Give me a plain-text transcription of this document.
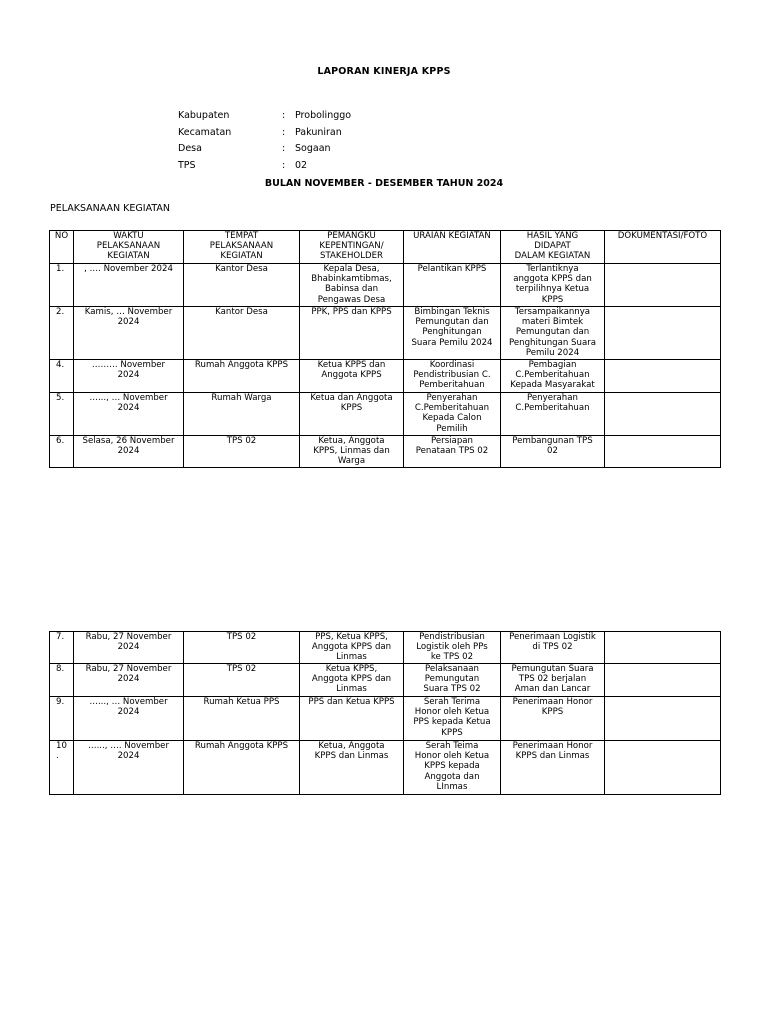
LAPORAN KINERJA KPPS
Kabupaten	: Probolinggo
Kecamatan	: Pakuniran
Desa	: Sogaan
TPS	: 02
BULAN NOVEMBER - DESEMBER TAHUN 2024
PELAKSANAAN KEGIATAN
NO	WAKTU
PELAKSANAAN
KEGIATAN	TEMPAT
PELAKSANAAN
KEGIATAN	PEMANGKU
KEPENTINGAN/
STAKEHOLDER	URAIAN KEGIATAN	HASIL YANG
DIDAPAT
DALAM KEGIATAN	DOKUMENTASI/FOTO
1.	, …. November 2024	Kantor Desa	Kepala Desa,
Bhabinkamtibmas,
Babinsa dan
Pengawas Desa	Pelantikan KPPS	Terlantiknya
anggota KPPS dan
terpilihnya Ketua
KPPS	
2.	Kamis, … November
2024	Kantor Desa	PPK, PPS dan KPPS	Bimbingan Teknis
Pemungutan dan
Penghitungan
Suara Pemilu 2024	Tersampaikannya
materi Bimtek
Pemungutan dan
Penghitungan Suara
Pemilu 2024	
4.	……… November
2024	Rumah Anggota KPPS	Ketua KPPS dan
Anggota KPPS	Koordinasi
Pendistribusian C.
Pemberitahuan	Pembagian
C.Pemberitahuan
Kepada Masyarakat	
5.	…..., … November
2024	Rumah Warga	Ketua dan Anggota
KPPS	Penyerahan
C.Pemberitahuan
Kepada Calon
Pemilih	Penyerahan
C.Pemberitahuan	
6.	Selasa, 26 November
2024	TPS 02	Ketua, Anggota
KPPS, Linmas dan
Warga	Persiapan
Penataan TPS 02	Pembangunan TPS
02	
7.	Rabu, 27 November
2024	TPS 02	PPS, Ketua KPPS,
Anggota KPPS dan
Linmas	Pendistribusian
Logistik oleh PPs
ke TPS 02	Penerimaan Logistik
di TPS 02	
8.	Rabu, 27 November
2024	TPS 02	Ketua KPPS,
Anggota KPPS dan
Linmas	Pelaksanaan
Pemungutan
Suara TPS 02	Pemungutan Suara
TPS 02 berjalan
Aman dan Lancar	
9.	…..., … November
2024	Rumah Ketua PPS	PPS dan Ketua KPPS	Serah Terima
Honor oleh Ketua
PPS kepada Ketua
KPPS	Penerimaan Honor
KPPS	
10
.	…..., …. November
2024	Rumah Anggota KPPS	Ketua, Anggota
KPPS dan Linmas	Serah Teima
Honor oleh Ketua
KPPS kepada
Anggota dan
LInmas	Penerimaan Honor
KPPS dan Linmas	
